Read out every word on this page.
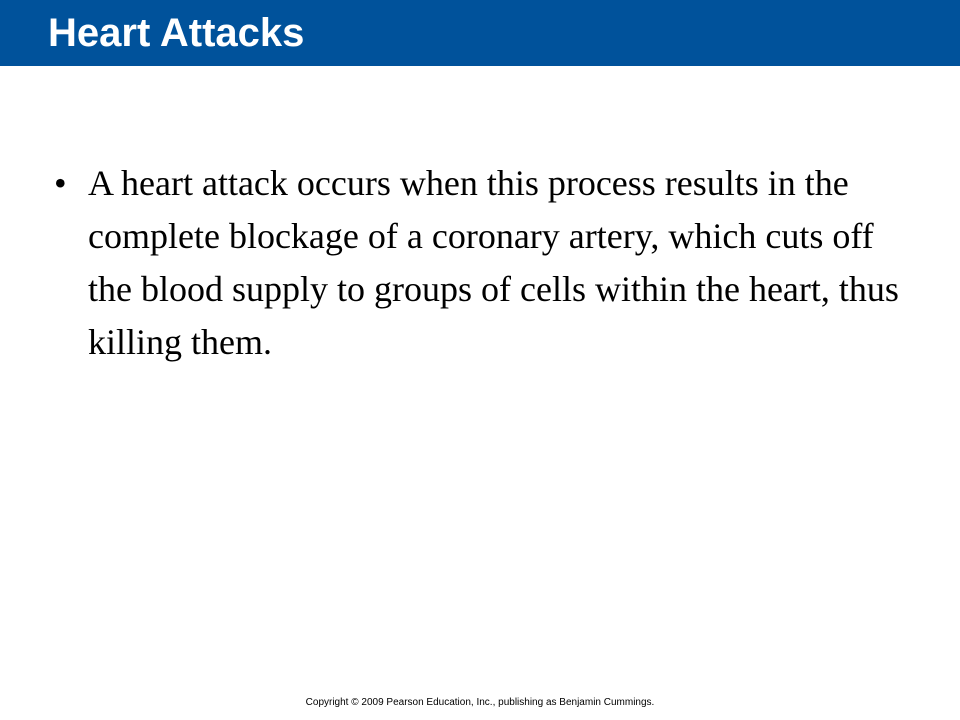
Heart Attacks
• A heart attack occurs when this process results in the complete blockage of a coronary artery, which cuts off the blood supply to groups of cells within the heart, thus killing them.
Copyright © 2009 Pearson Education, Inc., publishing as Benjamin Cummings.
